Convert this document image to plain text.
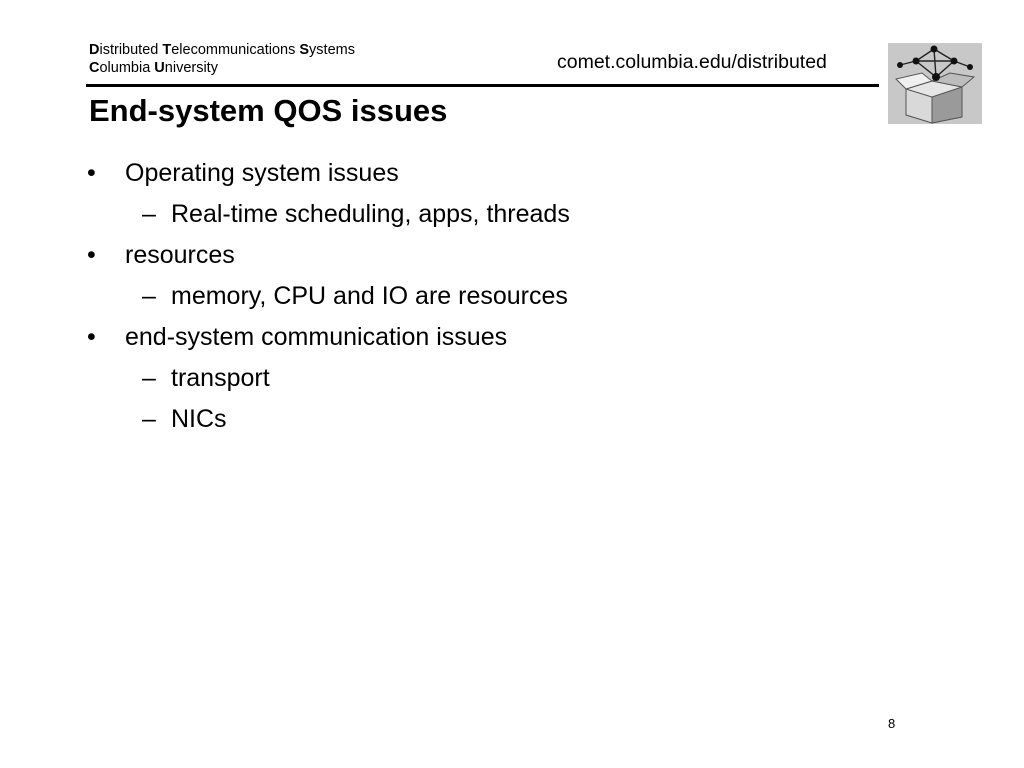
Distributed Telecommunications Systems
Columbia University	comet.columbia.edu/distributed
End-system QOS issues
• Operating system issues
– Real-time scheduling, apps, threads
• resources
– memory, CPU and IO are resources
• end-system communication issues
– transport
– NICs
8
